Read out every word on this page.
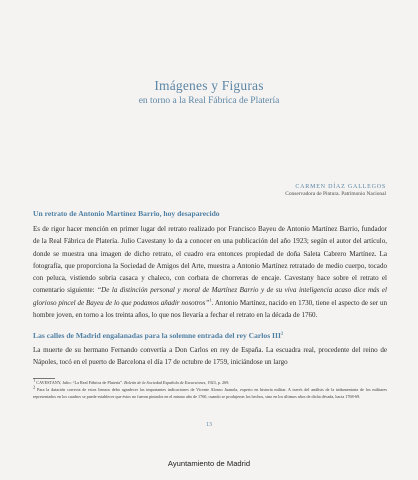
Imágenes y Figuras
en torno a la Real Fábrica de Platería
CARMEN DÍAZ GALLEGOS
Conservadora de Pintura. Patrimonio Nacional
Un retrato de Antonio Martínez Barrio, hoy desaparecido

Es de rigor hacer mención en primer lugar del retrato realizado por Francisco Bayeu de Antonio Martínez Barrio, fundador de la Real Fábrica de Platería. Julio Cavestany lo da a conocer en una publicación del año 1923; según el autor del artículo, donde se muestra una imagen de dicho retrato, el cuadro era entonces propiedad de doña Saleta Cabrero Martínez. La fotografía, que proporciona la Sociedad de Amigos del Arte, muestra a Antonio Martínez retratado de medio cuerpo, tocado con peluca, vistiendo sobria casaca y chaleco, con corbata de chorreras de encaje. Cavestany hace sobre el retrato el comentario siguiente: “De la distinción personal y moral de Martínez Barrio y de su viva inteligencia acaso dice más el glorioso pincel de Bayeu de lo que podamos añadir nosotros”$^1$. Antonio Martínez, nacido en 1730, tiene el aspecto de ser un hombre joven, en torno a los treinta años, lo que nos llevaría a fechar el retrato en la década de 1760.

Las calles de Madrid engalanadas para la solemne entrada del rey Carlos III$^2$

La muerte de su hermano Fernando convertía a Don Carlos en rey de España. La escuadra real, procedente del reino de Nápoles, tocó en el puerto de Barcelona el día 17 de octubre de 1759, iniciándose un largo

$^1$ CAVESTANY, Julio: “La Real Fábrica de Platería”. Boletín de la Sociedad Española de Excursiones, 1923, p. 269.

$^2$ Para la datación correcta de estos lienzos debo agradecer las importantes indicaciones de Vicente Alonso Juanola, experto en historia militar. A través del análisis de la indumentaria de los militares representados en los cuadros se puede establecer que éstos no fueron pintados en el mismo año de 1760, cuando se produjeron los hechos, sino en los últimos años de dicha década, hacia 1768-69.

13
Ayuntamiento de Madrid
